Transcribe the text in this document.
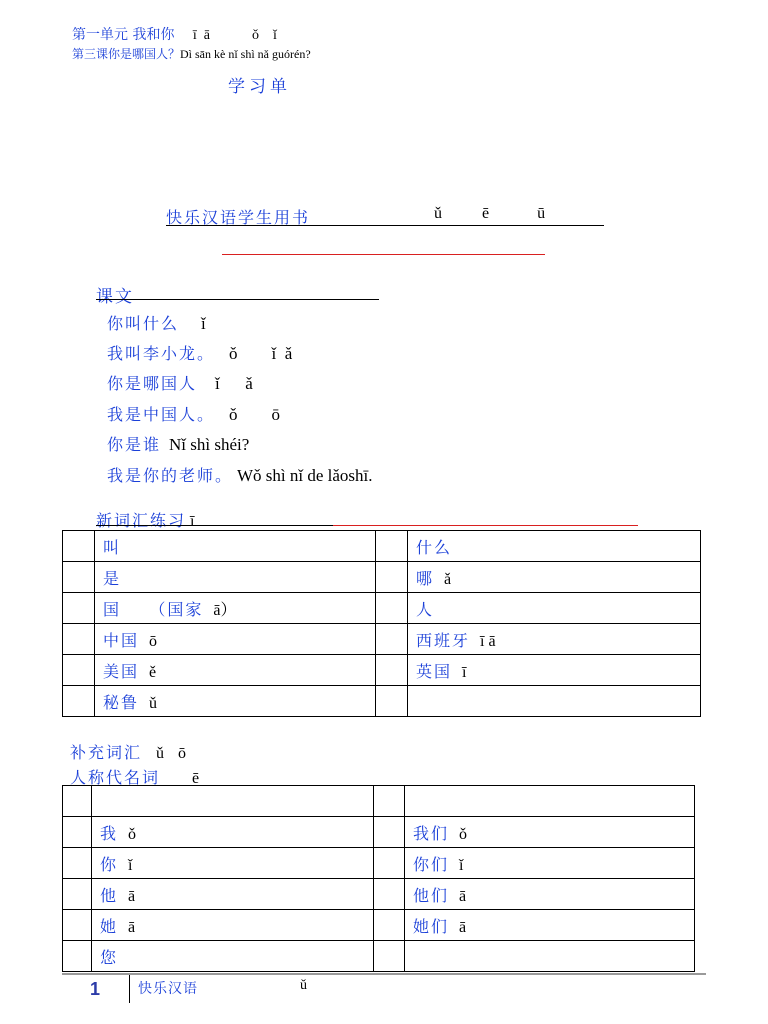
第一单元 我和你 ī  ā            ǒ    ǐ
第三课你是哪国人？Dì sān kè nǐ shì nǎ guórén?
学习单
快乐汉语学生用书	ǔ          ē            ū
课文
你叫什么 ǐ
我叫李小龙。 ǒ        ǐ  ǎ
你是哪国人 ǐ      ǎ
我是中国人。 ǒ        ō
你是谁 Nǐ shì shéi?
我是你的老师。 Wǒ shì nǐ de lǎoshī.
新词汇练习 ī
	叫		什么
	是		哪 ǎ
	国    （国家 ā）		人
	中国 ō		西班牙 ī ā
	美国 ě		英国 ī
	秘鲁 ǔ		
补充词汇 ǔ  ō
人称代名词 ē

	我 ǒ		我们 ǒ
	你 ǐ		你们 ǐ
	他 ā		他们 ā
	她 ā		她们 ā
	您		
1	快乐汉语	ǔ
